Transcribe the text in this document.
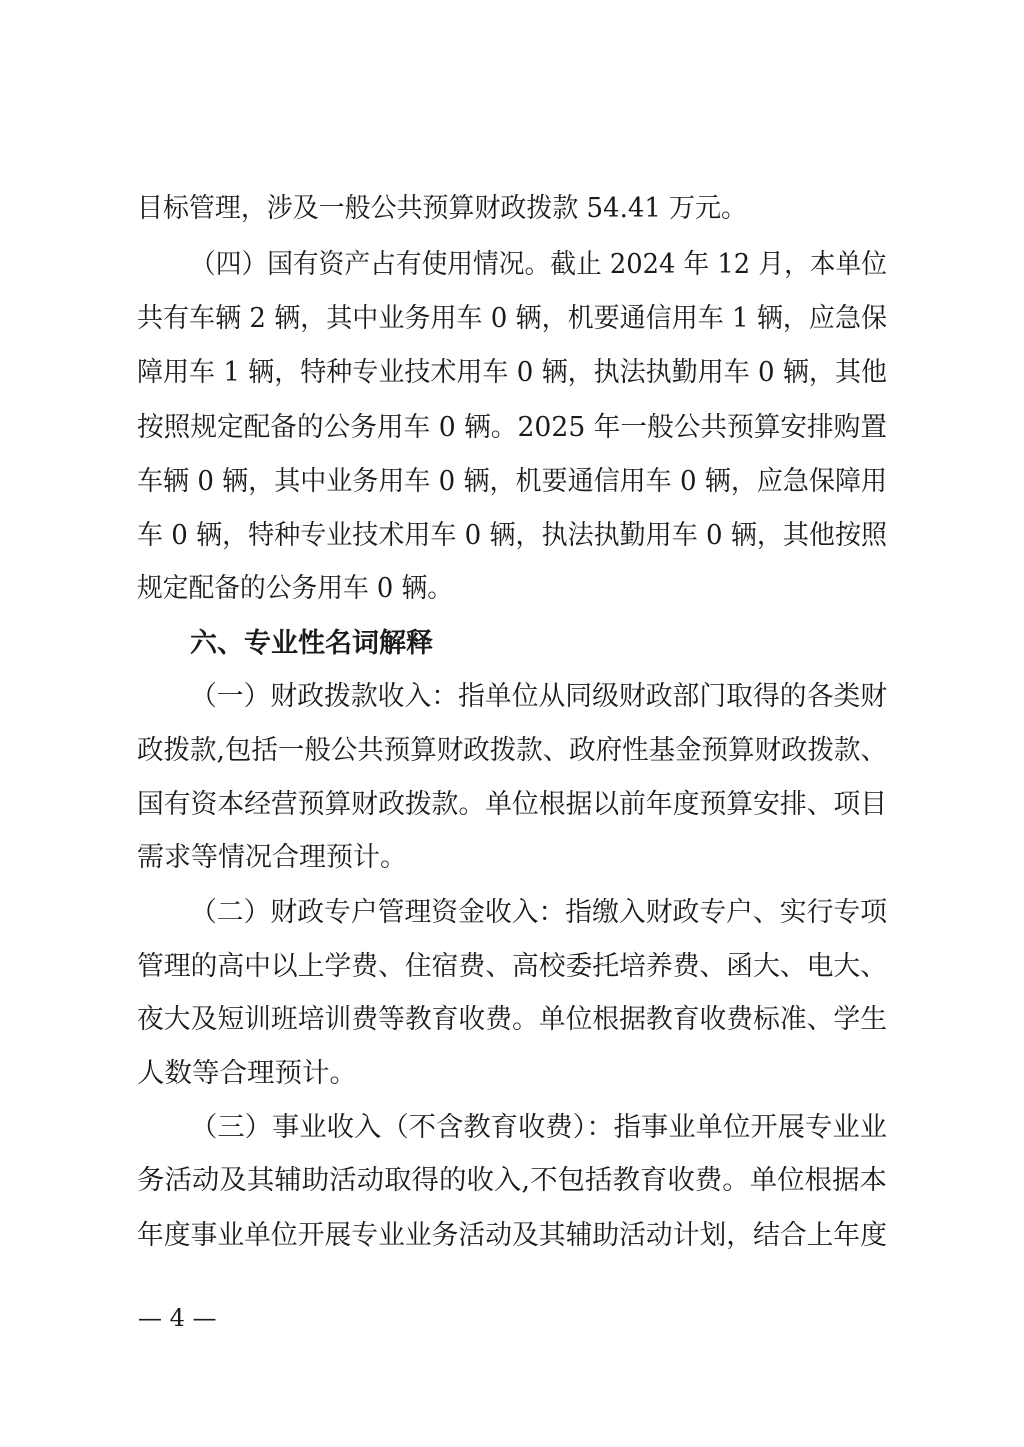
目标管理，涉及一般公共预算财政拨款 54.41 万元。
（四）国有资产占有使用情况。截止 2024 年 12 月，本单位
共有车辆 2 辆，其中业务用车 0 辆，机要通信用车 1 辆，应急保
障用车 1 辆，特种专业技术用车 0 辆，执法执勤用车 0 辆，其他
按照规定配备的公务用车 0 辆。2025 年一般公共预算安排购置
车辆 0 辆，其中业务用车 0 辆，机要通信用车 0 辆，应急保障用
车 0 辆，特种专业技术用车 0 辆，执法执勤用车 0 辆，其他按照
规定配备的公务用车 0 辆。
六、专业性名词解释
（一）财政拨款收入：指单位从同级财政部门取得的各类财
政拨款,包括一般公共预算财政拨款、政府性基金预算财政拨款、
国有资本经营预算财政拨款。单位根据以前年度预算安排、项目
需求等情况合理预计。
（二）财政专户管理资金收入：指缴入财政专户、实行专项
管理的高中以上学费、住宿费、高校委托培养费、函大、电大、
夜大及短训班培训费等教育收费。单位根据教育收费标准、学生
人数等合理预计。
（三）事业收入（不含教育收费）：指事业单位开展专业业
务活动及其辅助活动取得的收入,不包括教育收费。单位根据本
年度事业单位开展专业业务活动及其辅助活动计划，结合上年度
— 4 —
